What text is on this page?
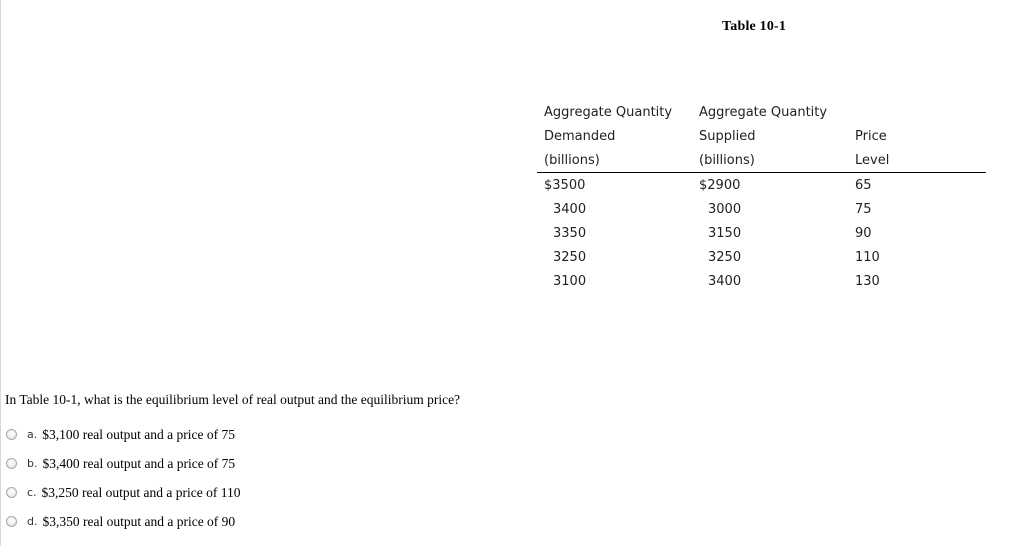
Table 10-1
Aggregate Quantity	Aggregate Quantity	
Demanded	Supplied	Price
(billions)	(billions)	Level
$3500	$2900	65
3400	3000	75
3350	3150	90
3250	3250	110
3100	3400	130
In Table 10-1, what is the equilibrium level of real output and the equilibrium price?
a. $3,100 real output and a price of 75
b. $3,400 real output and a price of 75
c. $3,250 real output and a price of 110
d. $3,350 real output and a price of 90
